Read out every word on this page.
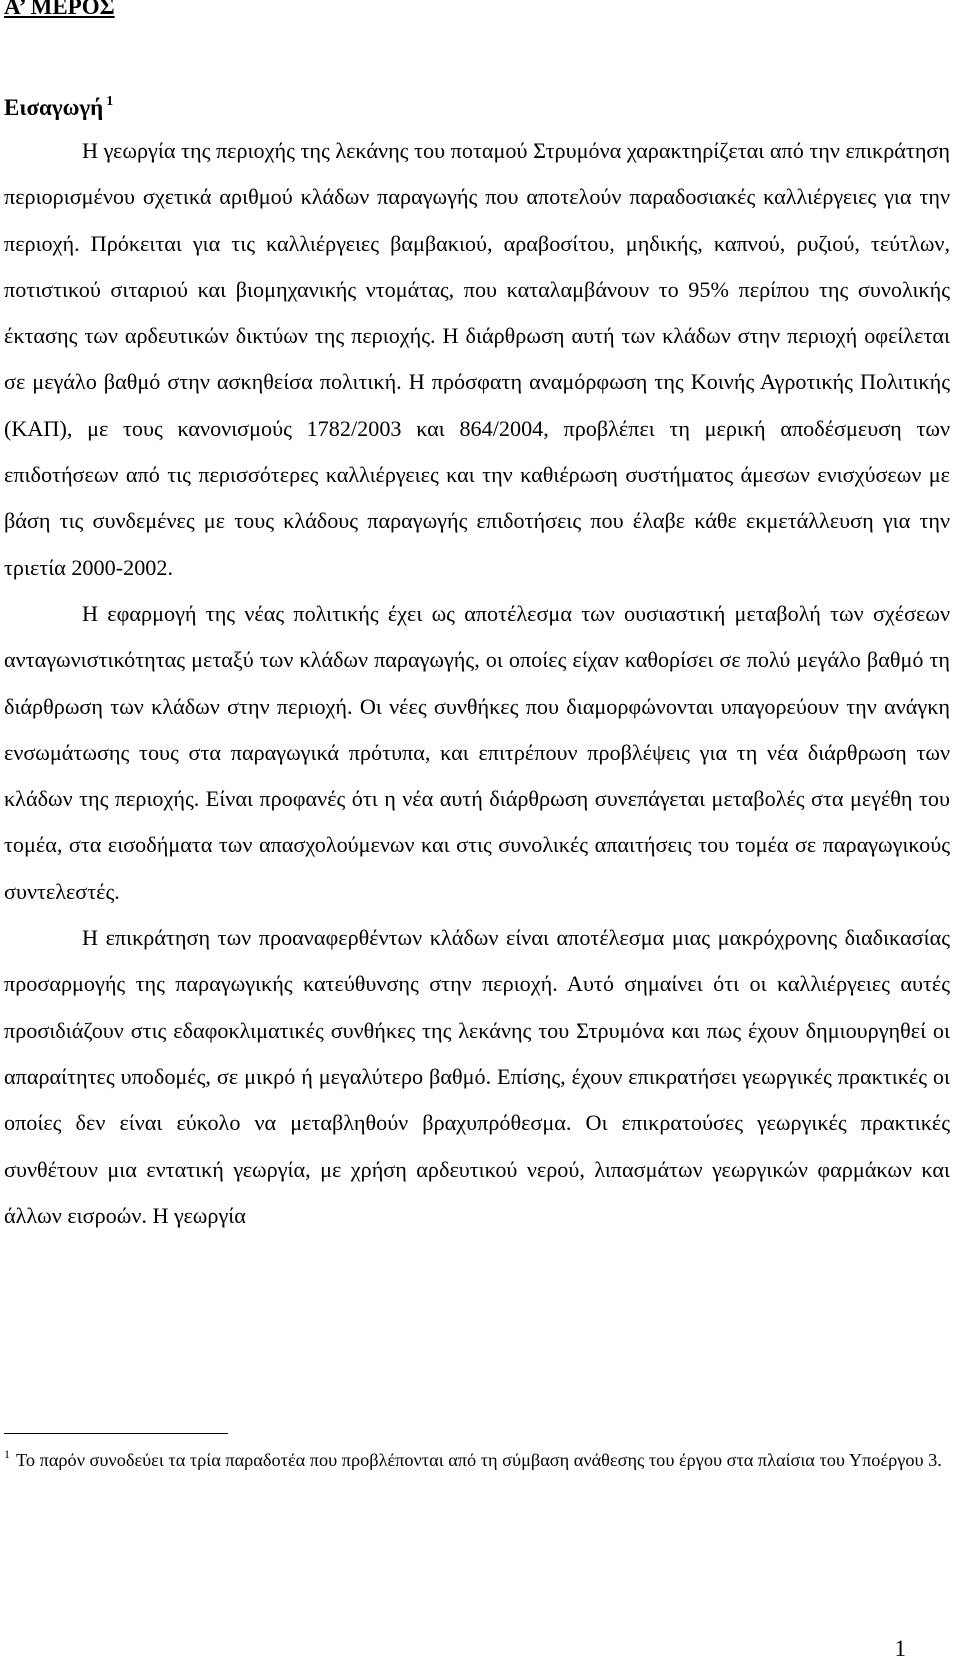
Α’ ΜΕΡΟΣ
Εισαγωγή $^1$

Η γεωργία της περιοχής της λεκάνης του ποταμού Στρυμόνα χαρακτηρίζεται από την επικράτηση περιορισμένου σχετικά αριθμού κλάδων παραγωγής που αποτελούν παραδοσιακές καλλιέργειες για την περιοχή. Πρόκειται για τις καλλιέργειες βαμβακιού, αραβοσίτου, μηδικής, καπνού, ρυζιού, τεύτλων, ποτιστικού σιταριού και βιομηχανικής ντομάτας, που καταλαμβάνουν το 95% περίπου της συνολικής έκτασης των αρδευτικών δικτύων της περιοχής. Η διάρθρωση αυτή των κλάδων στην περιοχή οφείλεται σε μεγάλο βαθμό στην ασκηθείσα πολιτική. Η πρόσφατη αναμόρφωση της Κοινής Αγροτικής Πολιτικής (ΚΑΠ), με τους κανονισμούς 1782/2003 και 864/2004, προβλέπει τη μερική αποδέσμευση των επιδοτήσεων από τις περισσότερες καλλιέργειες και την καθιέρωση συστήματος άμεσων ενισχύσεων με βάση τις συνδεμένες με τους κλάδους παραγωγής επιδοτήσεις που έλαβε κάθε εκμετάλλευση για την τριετία 2000-2002.

Η εφαρμογή της νέας πολιτικής έχει ως αποτέλεσμα των ουσιαστική μεταβολή των σχέσεων ανταγωνιστικότητας μεταξύ των κλάδων παραγωγής, οι οποίες είχαν καθορίσει σε πολύ μεγάλο βαθμό τη διάρθρωση των κλάδων στην περιοχή. Οι νέες συνθήκες που διαμορφώνονται υπαγορεύουν την ανάγκη ενσωμάτωσης τους στα παραγωγικά πρότυπα, και επιτρέπουν προβλέψεις για τη νέα διάρθρωση των κλάδων της περιοχής. Είναι προφανές ότι η νέα αυτή διάρθρωση συνεπάγεται μεταβολές στα μεγέθη του τομέα, στα εισοδήματα των απασχολούμενων και στις συνολικές απαιτήσεις του τομέα σε παραγωγικούς συντελεστές.

Η επικράτηση των προαναφερθέντων κλάδων είναι αποτέλεσμα μιας μακρόχρονης διαδικασίας προσαρμογής της παραγωγικής κατεύθυνσης στην περιοχή. Αυτό σημαίνει ότι οι καλλιέργειες αυτές προσιδιάζουν στις εδαφοκλιματικές συνθήκες της λεκάνης του Στρυμόνα και πως έχουν δημιουργηθεί οι απαραίτητες υποδομές, σε μικρό ή μεγαλύτερο βαθμό. Επίσης, έχουν επικρατήσει γεωργικές πρακτικές οι οποίες δεν είναι εύκολο να μεταβληθούν βραχυπρόθεσμα. Οι επικρατούσες γεωργικές πρακτικές συνθέτουν μια εντατική γεωργία, με χρήση αρδευτικού νερού, λιπασμάτων γεωργικών φαρμάκων και άλλων εισροών. Η γεωργία

$^1$ Το παρόν συνοδεύει τα τρία παραδοτέα που προβλέπονται από τη σύμβαση ανάθεσης του έργου στα πλαίσια του Υποέργου 3.

1
